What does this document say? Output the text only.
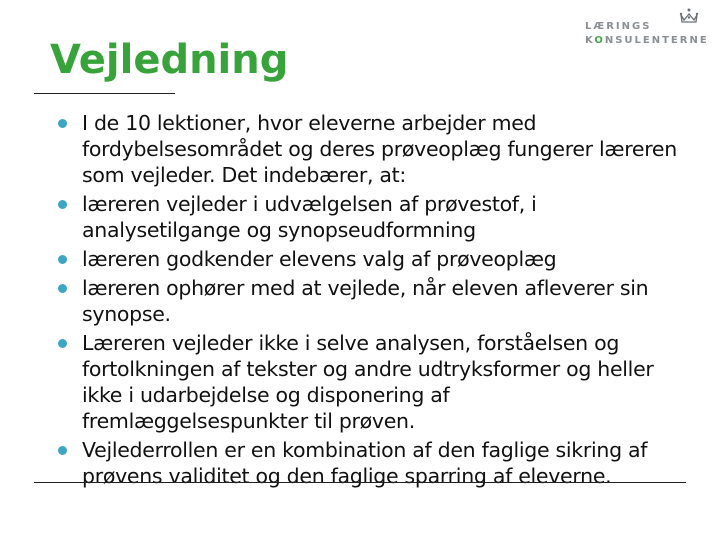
Vejledning
LÆRINGS
KONSULENTERNE
I de 10 lektioner, hvor eleverne arbejder med fordybelsesområdet og deres prøveoplæg fungerer læreren som vejleder. Det indebærer, at:
læreren vejleder i udvælgelsen af prøvestof, i analysetilgange og synopseudformning
læreren godkender elevens valg af prøveoplæg
læreren ophører med at vejlede, når eleven afleverer sin synopse.
Læreren vejleder ikke i selve analysen, forståelsen og fortolkningen af tekster og andre udtryksformer og heller ikke i udarbejdelse og disponering af fremlæggelsespunkter til prøven.
Vejlederrollen er en kombination af den faglige sikring af prøvens validitet og den faglige sparring af eleverne.
